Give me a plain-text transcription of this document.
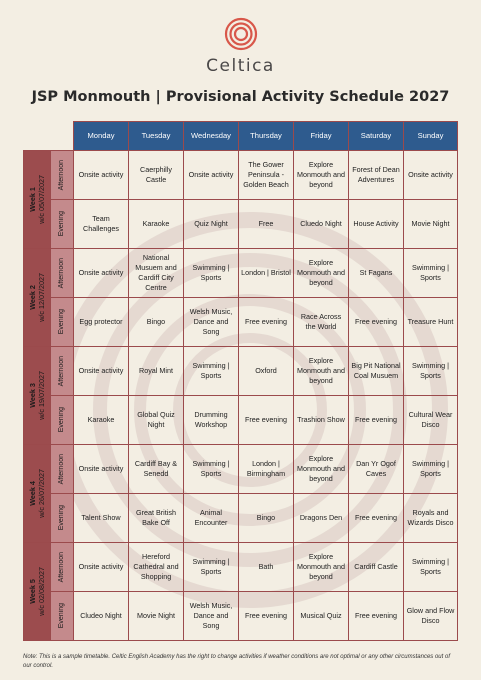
Celtica
JSP Monmouth | Provisional Activity Schedule 2027
		Monday	Tuesday	Wednesday	Thursday	Friday	Saturday	Sunday

Week 1 w/c 05/07/2027	Afternoon	Onsite activity	Caerphilly Castle	Onsite activity	The Gower Peninsula - Golden Beach	Explore Monmouth and beyond	Forest of Dean Adventures	Onsite activity

	Evening	Team Challenges	Karaoke	Quiz Night	Free	Cluedo Night	House Activity	Movie Night

Week 2 w/c 12/07/2027	Afternoon	Onsite activity	National Musuem and Cardiff City Centre	Swimming | Sports	London | Bristol	Explore Monmouth and beyond	St Fagans	Swimming | Sports

	Evening	Egg protector	Bingo	Welsh Music, Dance and Song	Free evening	Race Across the World	Free evening	Treasure Hunt

Week 3 w/c 19/07/2027	Afternoon	Onsite activity	Royal Mint	Swimming | Sports	Oxford	Explore Monmouth and beyond	Big Pit National Coal Musuem	Swimming | Sports

	Evening	Karaoke	Global Quiz Night	Drumming Workshop	Free evening	Trashion Show	Free evening	Cultural Wear Disco

Week 4 w/c 26/07/2027	Afternoon	Onsite activity	Cardiff Bay & Senedd	Swimming | Sports	London | Birmingham	Explore Monmouth and beyond	Dan Yr Ogof Caves	Swimming | Sports

	Evening	Talent Show	Great British Bake Off	Animal Encounter	Bingo	Dragons Den	Free evening	Royals and Wizards Disco

Week 5 w/c 02/08/2027	Afternoon	Onsite activity	Hereford Cathedral and Shopping	Swimming | Sports	Bath	Explore Monmouth and beyond	Cardiff Castle	Swimming | Sports

	Evening	Cludeo Night	Movie Night	Welsh Music, Dance and Song	Free evening	Musical Quiz	Free evening	Glow and Flow Disco
Note: This is a sample timetable. Celtic English Academy has the right to change activities if weather conditions are not optimal or any other circumstances out of our control.
